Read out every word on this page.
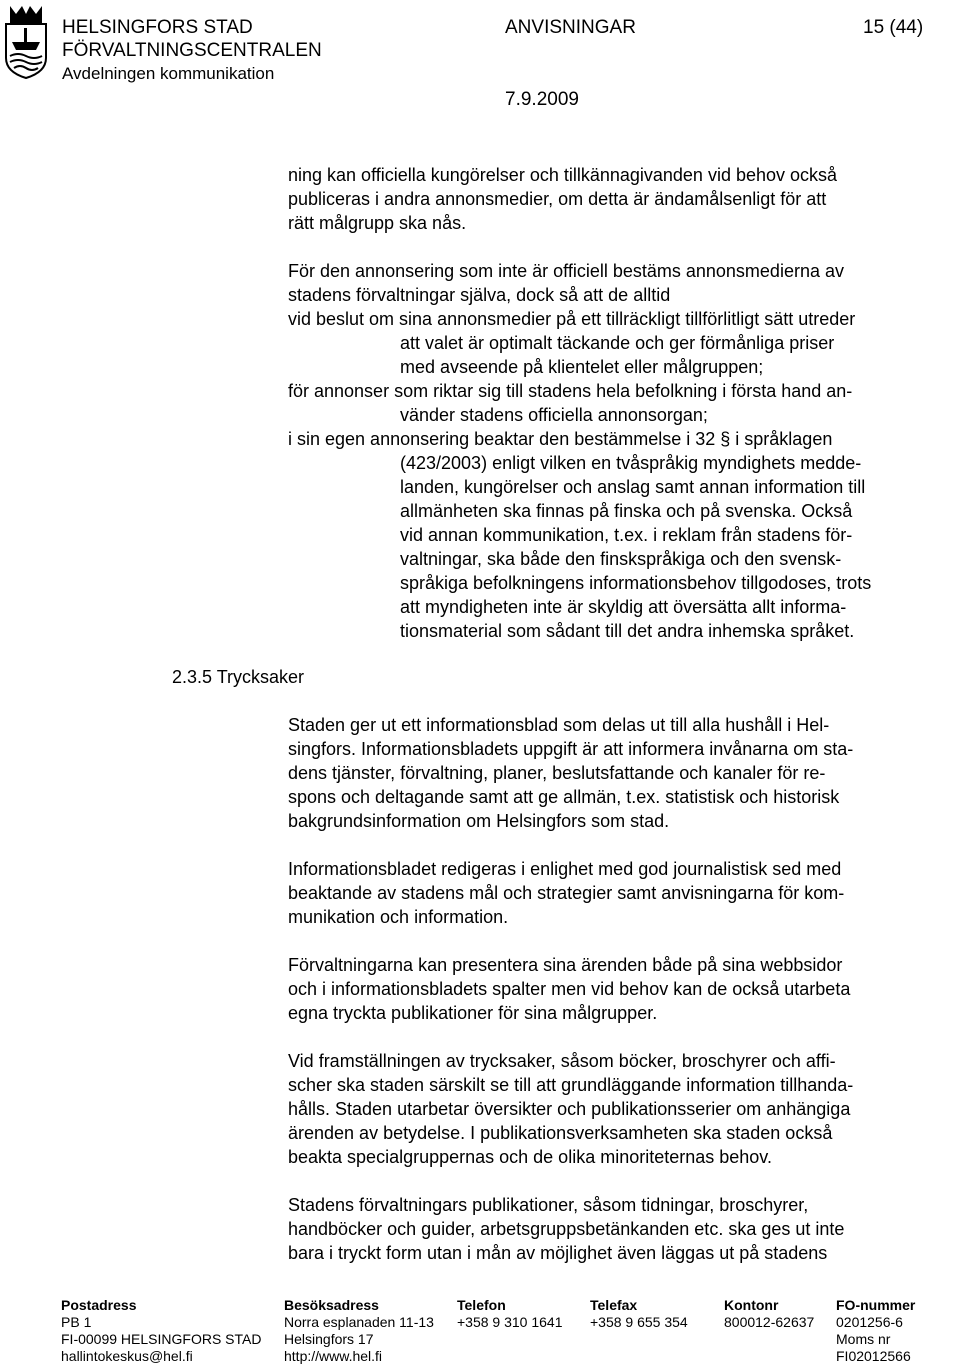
HELSINGFORS STAD
FÖRVALTNINGSCENTRALEN
Avdelningen kommunikation
ANVISNINGAR	15 (44)
7.9.2009
ning kan officiella kungörelser och tillkännagivanden vid behov också
publiceras i andra annonsmedier, om detta är ändamålsenligt för att
rätt målgrupp ska nås.
För den annonsering som inte är officiell bestäms annonsmedierna av
stadens förvaltningar själva, dock så att de alltid
vid beslut om sina annonsmedier på ett tillräckligt tillförlitligt sätt utreder
att valet är optimalt täckande och ger förmånliga priser
med avseende på klientelet eller målgruppen;
för annonser som riktar sig till stadens hela befolkning i första hand an-
vänder stadens officiella annonsorgan;
i sin egen annonsering beaktar den bestämmelse i 32 § i språklagen
(423/2003) enligt vilken en tvåspråkig myndighets medde-
landen, kungörelser och anslag samt annan information till
allmänheten ska finnas på finska och på svenska. Också
vid annan kommunikation, t.ex. i reklam från stadens för-
valtningar, ska både den finskspråkiga och den svensk-
språkiga befolkningens informationsbehov tillgodoses, trots
att myndigheten inte är skyldig att översätta allt informa-
tionsmaterial som sådant till det andra inhemska språket.
2.3.5 Trycksaker
Staden ger ut ett informationsblad som delas ut till alla hushåll i Hel-
singfors. Informationsbladets uppgift är att informera invånarna om sta-
dens tjänster, förvaltning, planer, beslutsfattande och kanaler för re-
spons och deltagande samt att ge allmän, t.ex. statistisk och historisk
bakgrundsinformation om Helsingfors som stad.
Informationsbladet redigeras i enlighet med god journalistisk sed med
beaktande av stadens mål och strategier samt anvisningarna för kom-
munikation och information.
Förvaltningarna kan presentera sina ärenden både på sina webbsidor
och i informationsbladets spalter men vid behov kan de också utarbeta
egna tryckta publikationer för sina målgrupper.
Vid framställningen av trycksaker, såsom böcker, broschyrer och affi-
scher ska staden särskilt se till att grundläggande information tillhanda-
hålls. Staden utarbetar översikter och publikationsserier om anhängiga
ärenden av betydelse. I publikationsverksamheten ska staden också
beakta specialgruppernas och de olika minoriteternas behov.
Stadens förvaltningars publikationer, såsom tidningar, broschyrer,
handböcker och guider, arbetsgruppsbetänkanden etc. ska ges ut inte
bara i tryckt form utan i mån av möjlighet även läggas ut på stadens
Postadress
PB 1
FI-00099 HELSINGFORS STAD
hallintokeskus@hel.fi
Besöksadress
Norra esplanaden 11-13
Helsingfors 17
http://www.hel.fi
Telefon
+358 9 310 1641
Telefax
+358 9 655 354
Kontonr
800012-62637
FO-nummer
0201256-6
Moms nr
FI02012566
